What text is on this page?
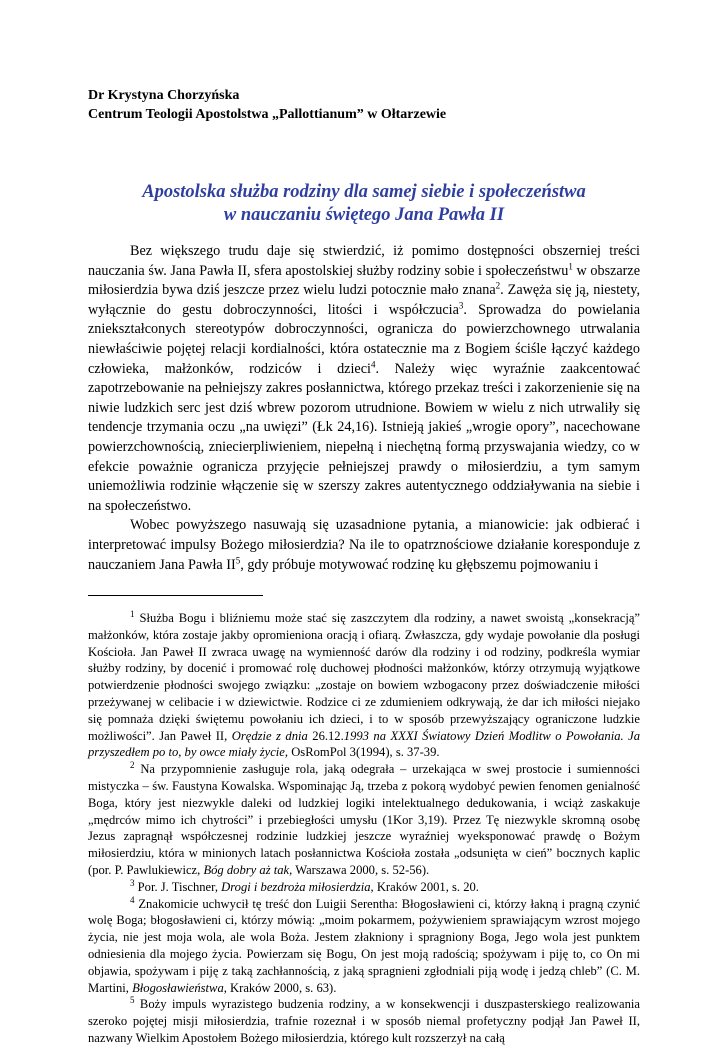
Dr Krystyna Chorzyńska

Centrum Teologii Apostolstwa „Pallottianum” w Ołtarzewie

Apostolska służba rodziny dla samej siebie i społeczeństwa
w nauczaniu świętego Jana Pawła II

Bez większego trudu daje się stwierdzić, iż pomimo dostępności obszerniej treści nauczania św. Jana Pawła II, sfera apostolskiej służby rodziny sobie i społeczeństwu$^1$ w obszarze miłosierdzia bywa dziś jeszcze przez wielu ludzi potocznie mało znana$^2$. Zawęża się ją, niestety, wyłącznie do gestu dobroczynności, litości i współczucia$^3$. Sprowadza do powielania zniekształconych stereotypów dobroczynności, ogranicza do powierzchownego utrwalania niewłaściwie pojętej relacji kordialności, która ostatecznie ma z Bogiem ściśle łączyć każdego człowieka, małżonków, rodziców i dzieci$^4$. Należy więc wyraźnie zaakcentować zapotrzebowanie na pełniejszy zakres posłannictwa, którego przekaz treści i zakorzenienie się na niwie ludzkich serc jest dziś wbrew pozorom utrudnione. Bowiem w wielu z nich utrwaliły się tendencje trzymania oczu „na uwięzi” (Łk 24,16). Istnieją jakieś „wrogie opory”, nacechowane powierzchownością, zniecierpliwieniem, niepełną i niechętną formą przyswajania wiedzy, co w efekcie poważnie ogranicza przyjęcie pełniejszej prawdy o miłosierdziu, a tym samym uniemożliwia rodzinie włączenie się w szerszy zakres autentycznego oddziaływania na siebie i na społeczeństwo.

Wobec powyższego nasuwają się uzasadnione pytania, a mianowicie: jak odbierać i interpretować impulsy Bożego miłosierdzia? Na ile to opatrznościowe działanie koresponduje z nauczaniem Jana Pawła $II^5$, gdy próbuje motywować rodzinę ku głębszemu pojmowaniu i

$^1$ Służba Bogu i bliźniemu może stać się zaszczytem dla rodziny, a nawet swoistą „konsekracją” małżonków, która zostaje jakby opromieniona oracją i ofiarą. Zwłaszcza, gdy wydaje powołanie dla posługi Kościoła. Jan Paweł II zwraca uwagę na wymienność darów dla rodziny i od rodziny, podkreśla wymiar służby rodziny, by docenić i promować rolę duchowej płodności małżonków, którzy otrzymują wyjątkowe potwierdzenie płodności swojego związku: „zostaje on bowiem wzbogacony przez doświadczenie miłości przeżywanej w celibacie i w dziewictwie. Rodzice ci ze zdumieniem odkrywają, że dar ich miłości niejako się pomnaża dzięki świętemu powołaniu ich dzieci, i to w sposób przewyższający ograniczone ludzkie możliwości”. Jan Paweł II, Orędzie z dnia 26.12.1993 na XXXI Światowy Dzień Modlitw o Powołania. Ja przyszedłem po to, by owce miały życie, OsRomPol 3(1994), s. 37-39.

$^2$ Na przypomnienie zasługuje rola, jaką odegrała – urzekająca w swej prostocie i sumienności mistyczka – św. Faustyna Kowalska. Wspominając Ją, trzeba z pokorą wydobyć pewien fenomen genialność Boga, który jest niezwykle daleki od ludzkiej logiki intelektualnego dedukowania, i wciąż zaskakuje „mędrców mimo ich chytrości” i przebiegłości umysłu (1Kor 3,19). Przez Tę niezwykle skromną osobę Jezus zapragnął współczesnej rodzinie ludzkiej jeszcze wyraźniej wyeksponować prawdę o Bożym miłosierdziu, która w minionych latach posłannictwa Kościoła została „odsunięta w cień” bocznych kaplic (por. P. Pawlukiewicz, Bóg dobry aż tak, Warszawa 2000, s. 52-56).

$^3$ Por. J. Tischner, Drogi i bezdroża miłosierdzia, Kraków 2001, s. 20.

$^4$ Znakomicie uchwycił tę treść don Luigii Serentha: Błogosławieni ci, którzy łakną i pragną czynić wolę Boga; błogosławieni ci, którzy mówią: „moim pokarmem, pożywieniem sprawiającym wzrost mojego życia, nie jest moja wola, ale wola Boża. Jestem złakniony i spragniony Boga, Jego wola jest punktem odniesienia dla mojego życia. Powierzam się Bogu, On jest moją radością; spożywam i piję to, co On mi objawia, spożywam i piję z taką zachłannością, z jaką spragnieni zgłodniali piją wodę i jedzą chleb” (C. M. Martini, Błogosławieństwa, Kraków 2000, s. 63).

$^5$ Boży impuls wyrazistego budzenia rodziny, a w konsekwencji i duszpasterskiego realizowania szeroko pojętej misji miłosierdzia, trafnie rozeznał i w sposób niemal profetyczny podjął Jan Paweł II, nazwany Wielkim Apostołem Bożego miłosierdzia, którego kult rozszerzył na całą
